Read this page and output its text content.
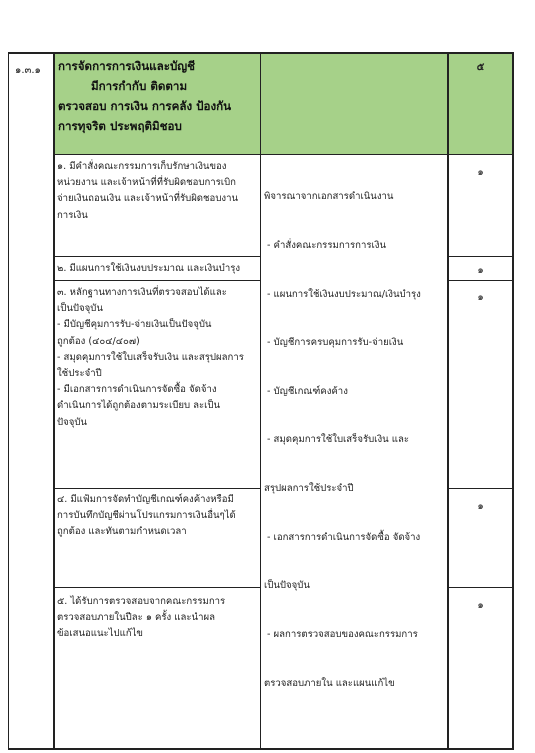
๑.๓.๑ การจัดการการเงินและบัญชี
มีการกำกับ ติดตาม
ตรวจสอบ การเงิน การคลัง ป้องกัน
การทุจริต ประพฤติมิชอบ
๕
๑. มีคำสั่งคณะกรรมการเก็บรักษาเงินของ
หน่วยงาน และเจ้าหน้าที่ที่รับผิดชอบการเบิก
จ่ายเงินถอนเงิน และเจ้าหน้าที่รับผิดชอบงาน
การเงิน
๑
๒. มีแผนการใช้เงินงบประมาณ และเงินบำรุง	๑
๓. หลักฐานทางการเงินที่ตรวจสอบได้และ
เป็นปัจจุบัน
- มีบัญชีคุมการรับ-จ่ายเงินเป็นปัจจุบัน
ถูกต้อง (๔๐๔/๔๐๗)
- สมุดคุมการใช้ใบเสร็จรับเงิน และสรุปผลการ
ใช้ประจำปี
- มีเอกสารการดำเนินการจัดซื้อ จัดจ้าง
ดำเนินการได้ถูกต้องตามระเบียบ ละเป็น
ปัจจุบัน
๑
๔. มีแฟ้มการจัดทำบัญชีเกณฑ์คงค้างหรือมี
การบันทึกบัญชีผ่านโปรแกรมการเงินอื่นๆได้
ถูกต้อง และทันตามกำหนดเวลา
๑
๕. ได้รับการตรวจสอบจากคณะกรรมการ
ตรวจสอบภายในปีละ ๑ ครั้ง และนำผล
ข้อเสนอแนะไปแก้ไข
๑

พิจารณาจากเอกสารดำเนินงาน

- คำสั่งคณะกรรมการการเงิน

- แผนการใช้เงินงบประมาณ/เงินบำรุง

- บัญชีการครบคุมการรับ-จ่ายเงิน

- บัญชีเกณฑ์คงค้าง

- สมุดคุมการใช้ใบเสร็จรับเงิน และ

สรุปผลการใช้ประจำปี

- เอกสารการดำเนินการจัดซื้อ จัดจ้าง

เป็นปัจจุบัน

- ผลการตรวจสอบของคณะกรรมการ

ตรวจสอบภายใน และแผนแก้ไข
